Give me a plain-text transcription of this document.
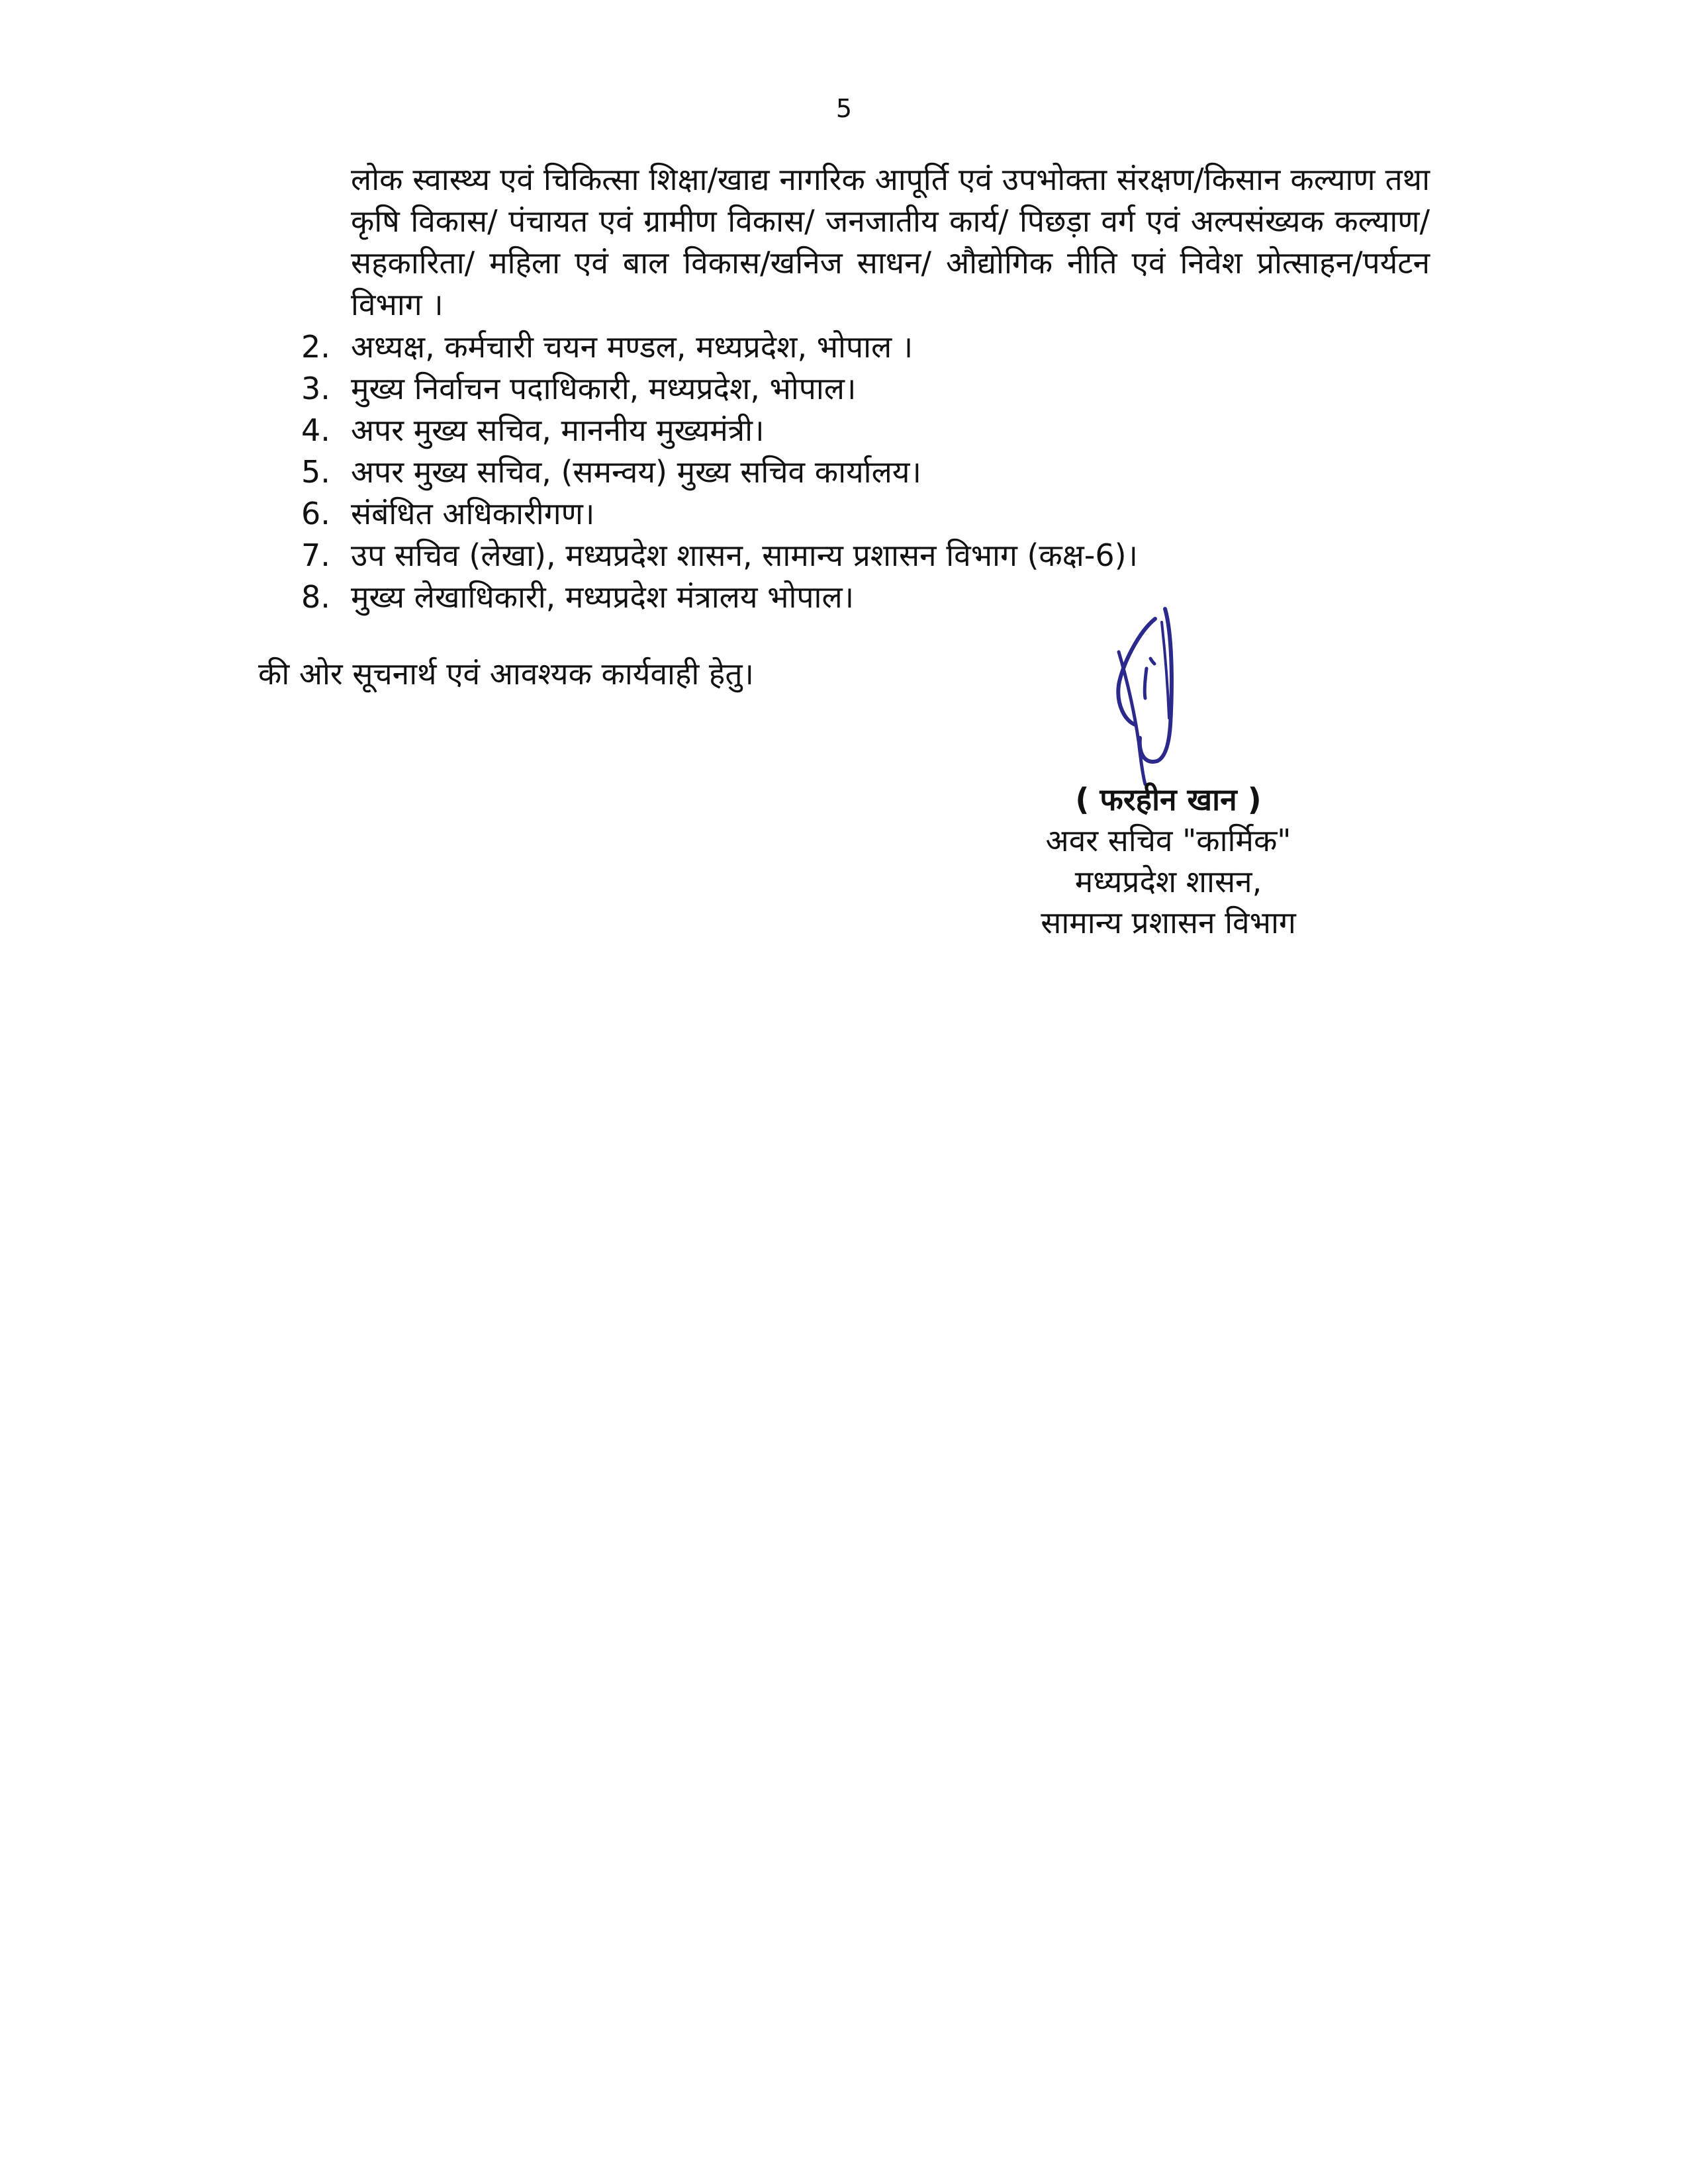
5

लोक स्वास्थ्य एवं चिकित्सा शिक्षा/खाद्य नागरिक आपूर्ति एवं उपभोक्ता संरक्षण/किसान कल्याण तथा कृषि विकास/ पंचायत एवं ग्रामीण विकास/ जनजातीय कार्य/ पिछड़ा वर्ग एवं अल्पसंख्यक कल्याण/सहकारिता/ महिला एवं बाल विकास/खनिज साधन/ औद्योगिक नीति एवं निवेश प्रोत्साहन/पर्यटन विभाग ।

2. अध्यक्ष, कर्मचारी चयन मण्डल, मध्यप्रदेश, भोपाल ।
3. मुख्य निर्वाचन पदाधिकारी, मध्यप्रदेश, भोपाल।
4. अपर मुख्य सचिव, माननीय मुख्यमंत्री।
5. अपर मुख्य सचिव, (समन्वय) मुख्य सचिव कार्यालय।
6. संबंधित अधिकारीगण।
7. उप सचिव (लेखा), मध्यप्रदेश शासन, सामान्य प्रशासन विभाग (कक्ष-6)।
8. मुख्य लेखाधिकारी, मध्यप्रदेश मंत्रालय भोपाल।
की ओर सूचनार्थ एवं आवश्यक कार्यवाही हेतु।
( फरहीन खान )
अवर सचिव "कार्मिक"
मध्यप्रदेश शासन,
सामान्य प्रशासन विभाग
